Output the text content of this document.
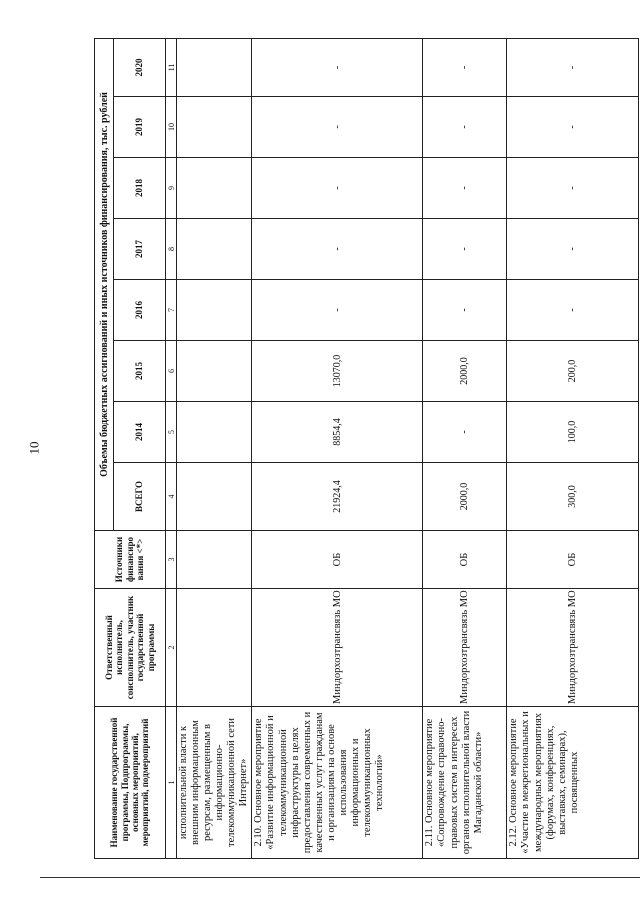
10
Наименование государственной программы, Подпрограммы, основных мероприятий, мероприятий, подмероприятий	Ответственный исполнитель, соисполнитель, участник государственной программы	Источники финансиро вания <*>	Объемы бюджетных ассигнований и иных источников финансирования, тыс. рублей							
			ВСЕГО	2014	2015	2016	2017	2018	2019	2020
1	2	3	4	5	6	7	8	9	10	11
исполнительной власти к внешним информационным ресурсам, размещенным в информационно-телекоммуникационной сети Интернет»										
2.10. Основное мероприятие «Развитие информационной и телекоммуникационной инфраструктуры в целях предоставления современных и качественных услуг гражданам и организациям на основе использования информационных и телекоммуникационных технологий»	Миндорхозтрансвязь МО	ОБ	21924,4	8854,4	13070,0	-	-	-	-	-
2.11. Основное мероприятие «Сопровождение справочно-правовых систем в интересах органов исполнительной власти Магаданской области»	Миндорхозтрансвязь МО	ОБ	2000,0	-	2000,0	-	-	-	-	-
2.12. Основное мероприятие «Участие в межрегиональных и международных мероприятиях (форумах, конференциях, выставках, семинарах), посвященных	Миндорхозтрансвязь МО	ОБ	300,0	100,0	200,0	-	-	-	-	-
